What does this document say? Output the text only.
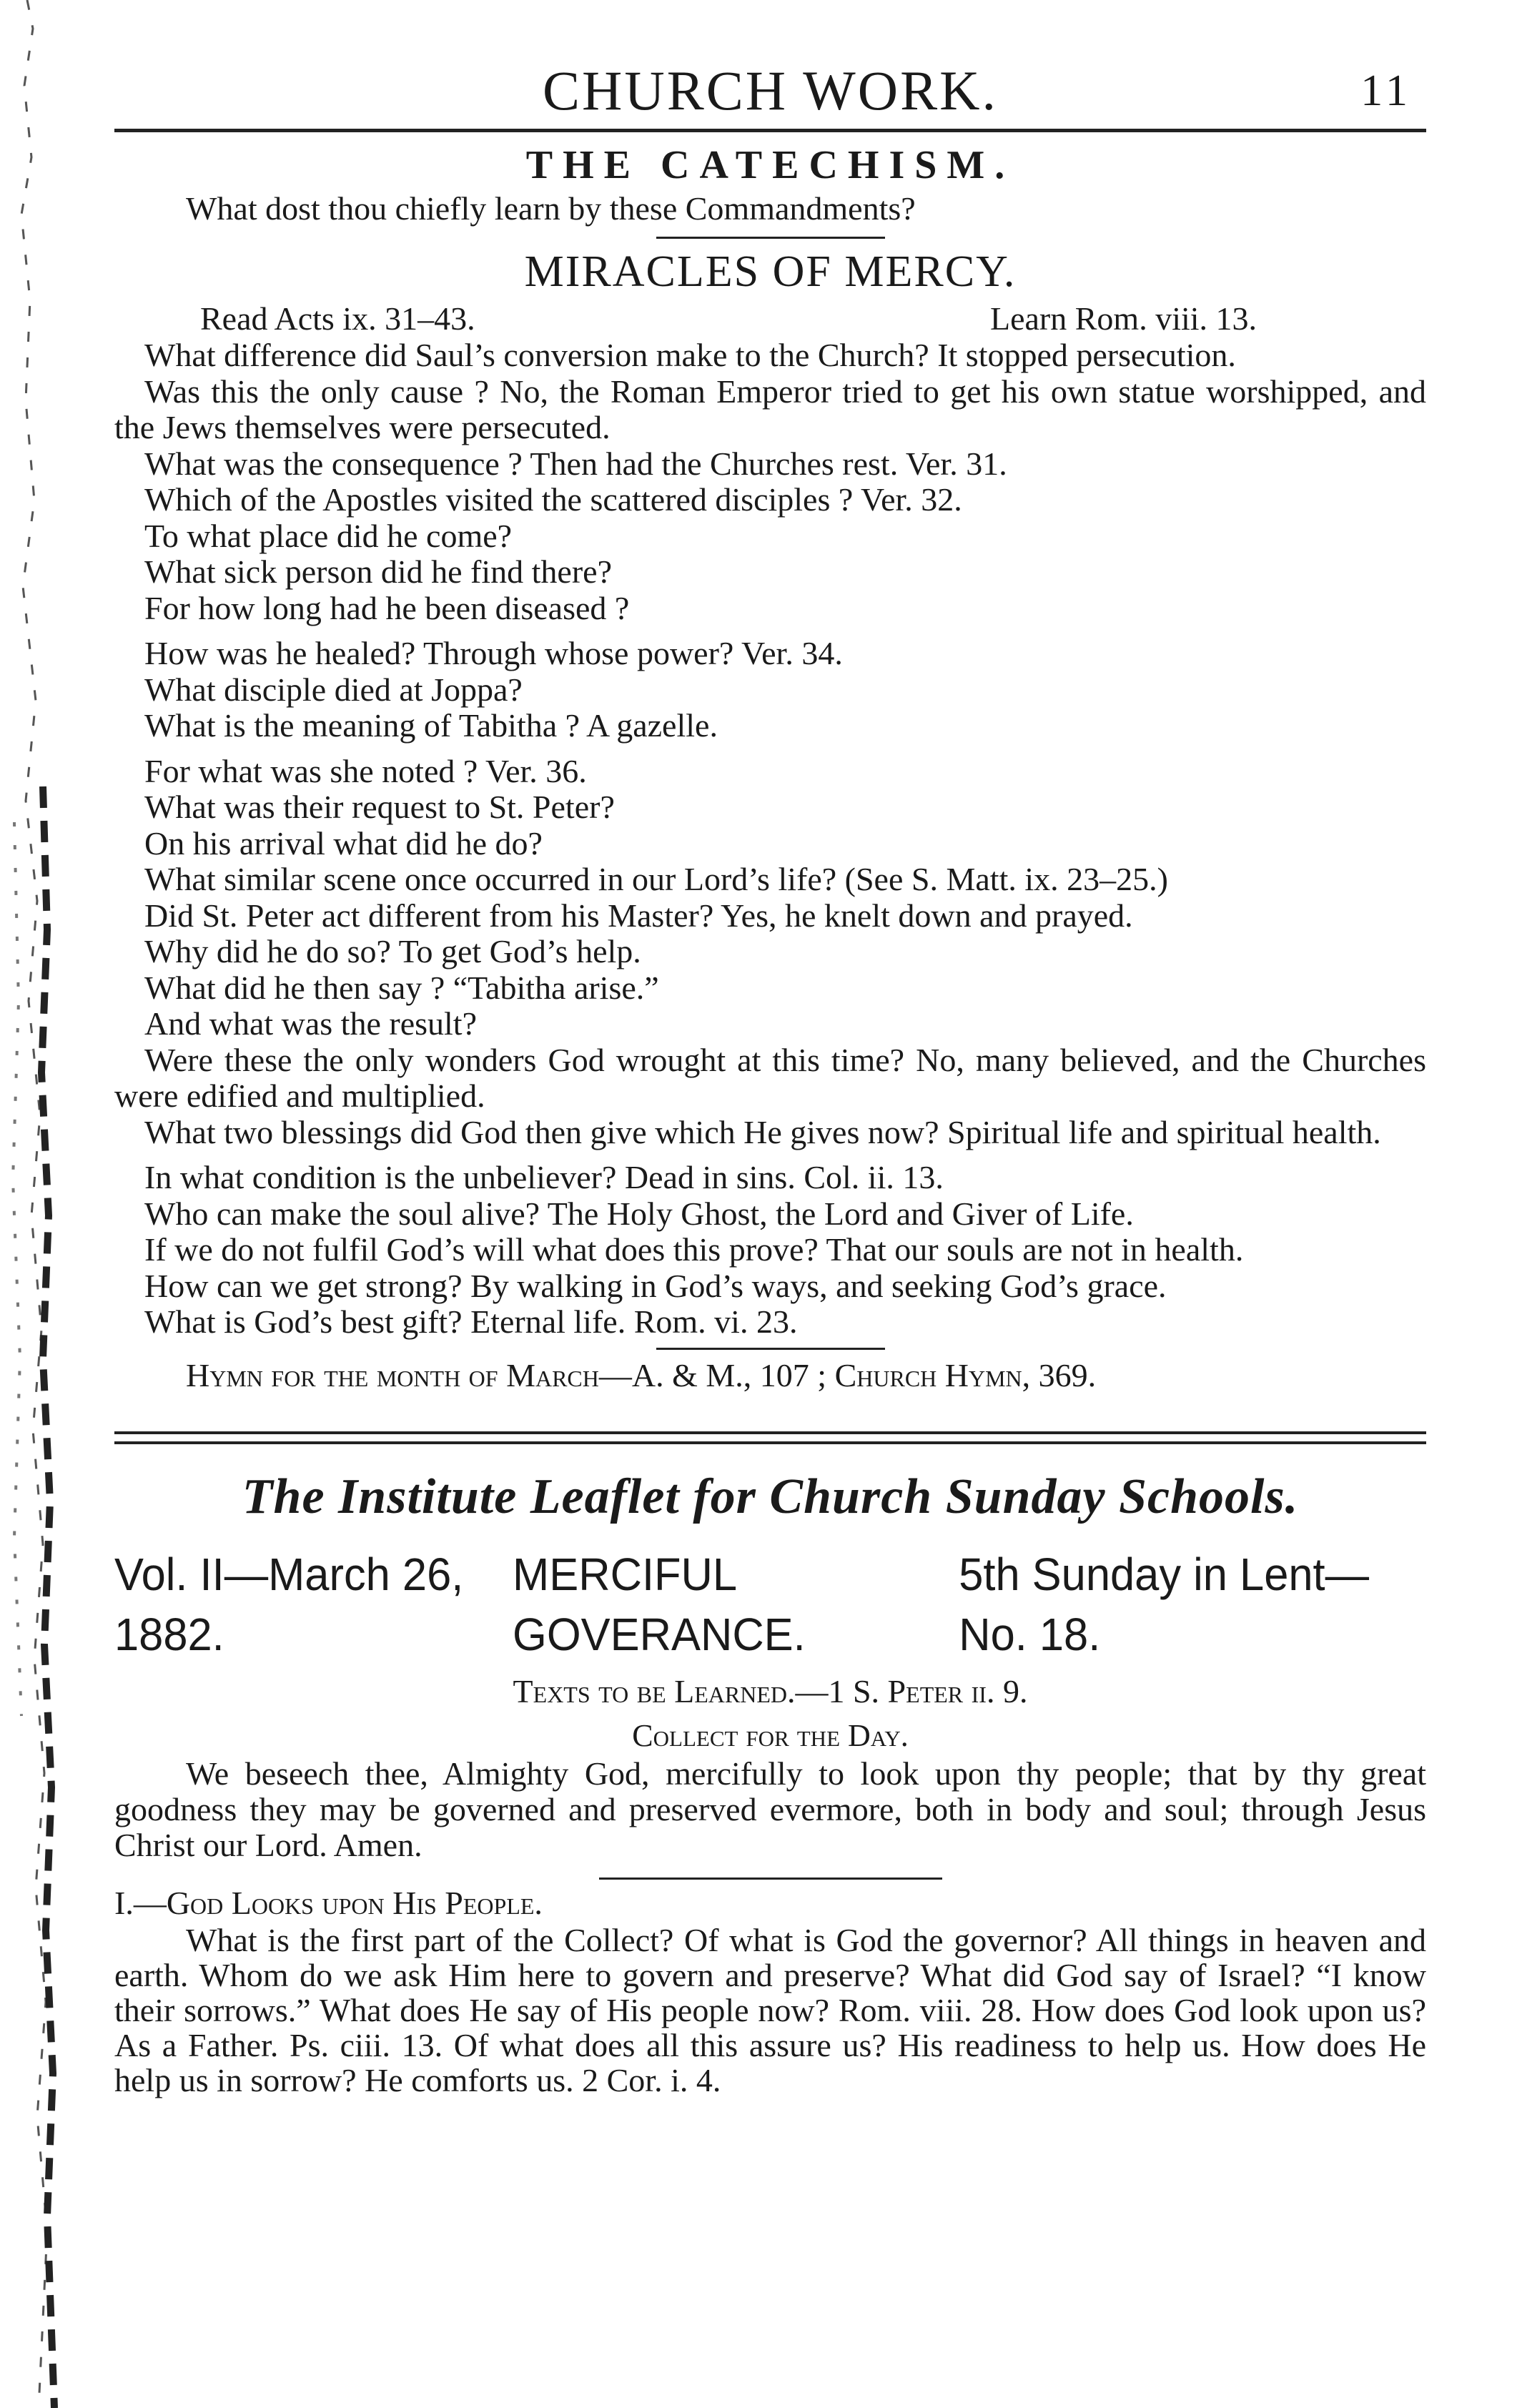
CHURCH WORK.	11
THE CATECHISM.
What dost thou chiefly learn by these Commandments?
MIRACLES OF MERCY.
Read Acts ix. 31–43.	Learn Rom. viii. 13.

What difference did Saul’s conversion make to the Church? It stopped persecution.

Was this the only cause ? No, the Roman Emperor tried to get his own statue worshipped, and the Jews themselves were persecuted.

What was the consequence ? Then had the Churches rest. Ver. 31.

Which of the Apostles visited the scattered disciples ? Ver. 32.

To what place did he come?

What sick person did he find there?

For how long had he been diseased ?

How was he healed? Through whose power? Ver. 34.

What disciple died at Joppa?

What is the meaning of Tabitha ? A gazelle.

For what was she noted ? Ver. 36.

What was their request to St. Peter?

On his arrival what did he do?

What similar scene once occurred in our Lord’s life? (See S. Matt. ix. 23–25.)

Did St. Peter act different from his Master? Yes, he knelt down and prayed.

Why did he do so? To get God’s help.

What did he then say ? “Tabitha arise.”

And what was the result?

Were these the only wonders God wrought at this time? No, many believed, and the Churches were edified and multiplied.

What two blessings did God then give which He gives now? Spiritual life and spiritual health.

In what condition is the unbeliever? Dead in sins. Col. ii. 13.

Who can make the soul alive? The Holy Ghost, the Lord and Giver of Life.

If we do not fulfil God’s will what does this prove? That our souls are not in health.

How can we get strong? By walking in God’s ways, and seeking God’s grace.

What is God’s best gift? Eternal life. Rom. vi. 23.

Hymn for the month of March—A. & M., 107 ; Church Hymn, 369.
The Institute Leaflet for Church Sunday Schools.
Vol. II—March 26, 1882.
MERCIFUL GOVERANCE.
5th Sunday in Lent—No. 18.
Texts to be Learned.—1 S. Peter ii. 9.
Collect for the Day.

We beseech thee, Almighty God, mercifully to look upon thy people; that by thy great goodness they may be governed and preserved evermore, both in body and soul; through Jesus Christ our Lord. Amen.

I.—God Looks upon His People.

What is the first part of the Collect? Of what is God the governor? All things in heaven and earth. Whom do we ask Him here to govern and preserve? What did God say of Israel? “I know their sorrows.” What does He say of His people now? Rom. viii. 28. How does God look upon us? As a Father. Ps. ciii. 13. Of what does all this assure us? His readiness to help us. How does He help us in sorrow? He comforts us. 2 Cor. i. 4.
